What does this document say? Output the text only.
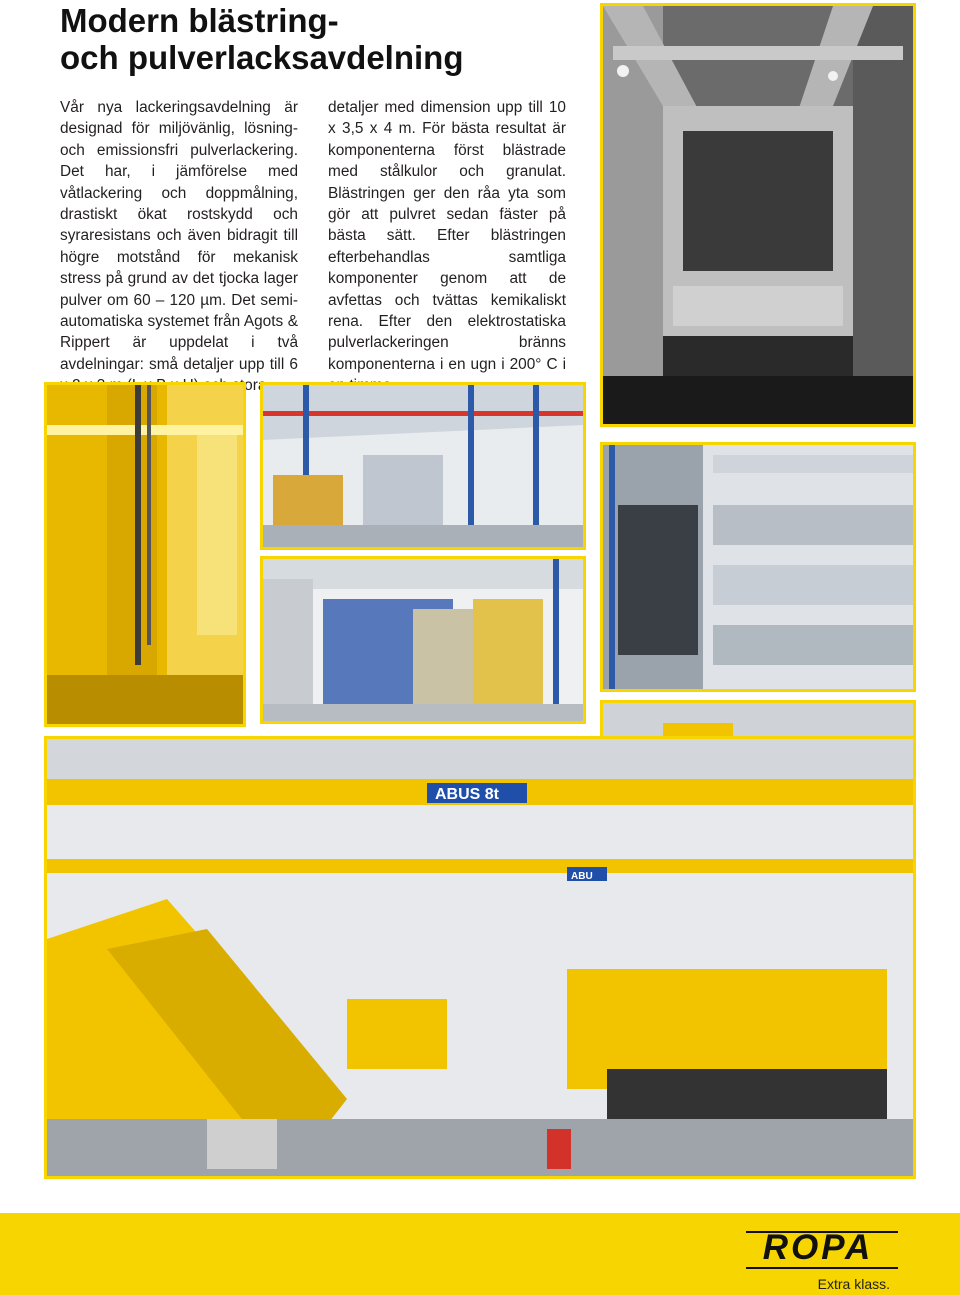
Modern blästring-
och pulverlacksavdelning
Vår nya lackeringsavdelning är designad för miljövänlig, lösning- och emissionsfri pulverlackering. Det har, i jämförelse med våtlackering och doppmålning, drastiskt ökat rostskydd och syraresistans och även bidragit till högre motstånd för mekanisk stress på grund av det tjocka lager pulver om 60 – 120 µm. Det semi-automatiska systemet från Agots & Rippert är uppdelat i två avdelningar: små detaljer upp till 6 stora
detaljer med dimension upp till 10 x 3,5 x 4 m. För bästa resultat är komponenterna först blästrade med stålkulor och granulat. Blästringen ger den råa yta som gör att pulvret sedan fäster på bästa sätt. Efter blästringen efterbehandlas samtliga komponenter genom att de avfettas och tvättas kemikaliskt rena. Efter den elektrostatiska pulverlackeringen bränns komponenterna i en ugn i 200° C i
ABUS 8t
ABU
ROPA
Extra klass.
